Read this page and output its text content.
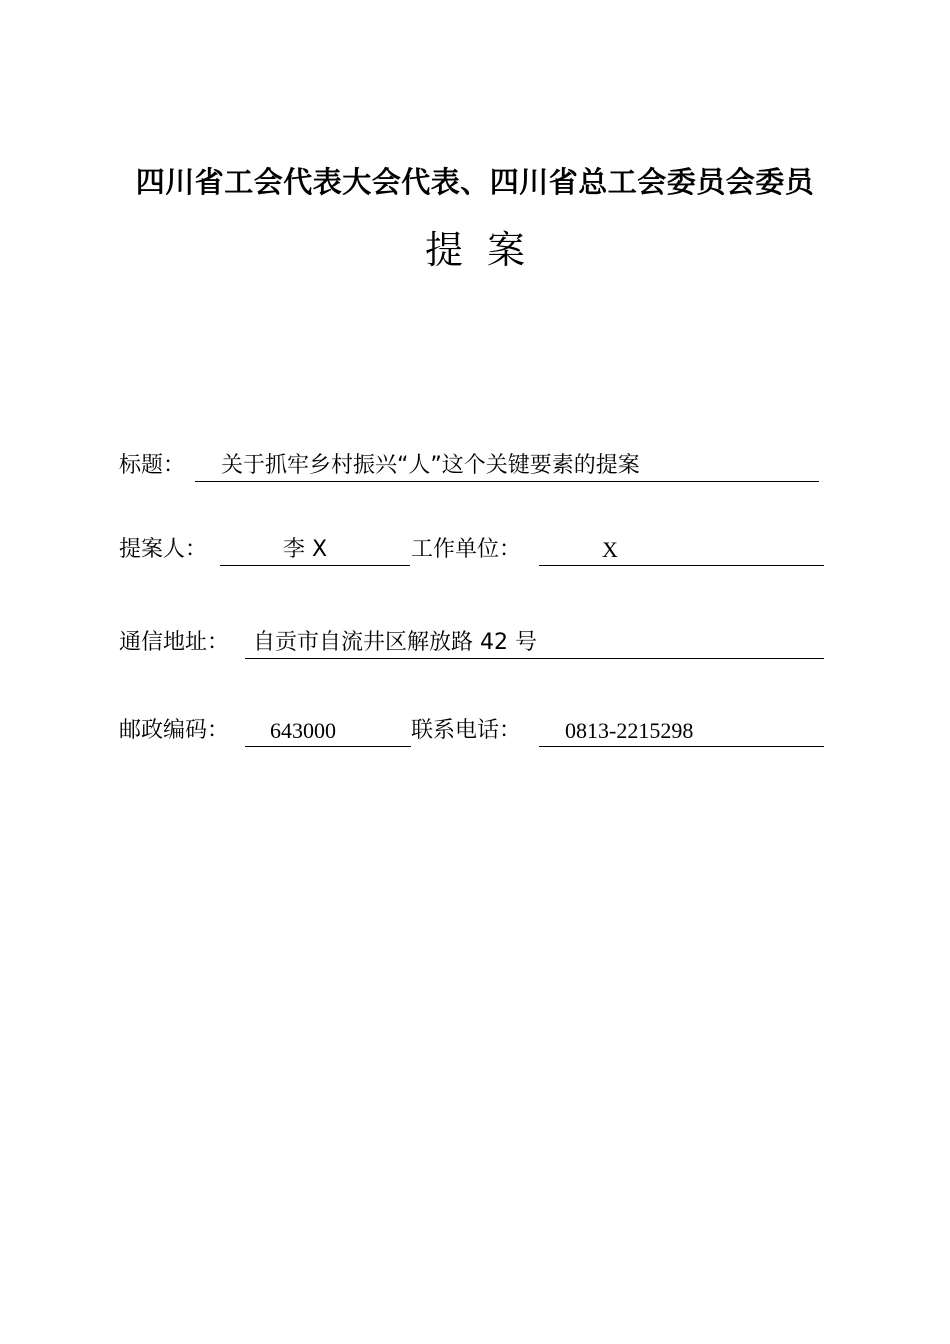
四川省工会代表大会代表、四川省总工会委员会委员
提 案
标题： 关于抓牢乡村振兴“人”这个关键要素的提案
提案人：	李 X	工作单位：	X
通信地址： 自贡市自流井区解放路 42 号
邮政编码： 643000	联系电话： 0813-2215298
